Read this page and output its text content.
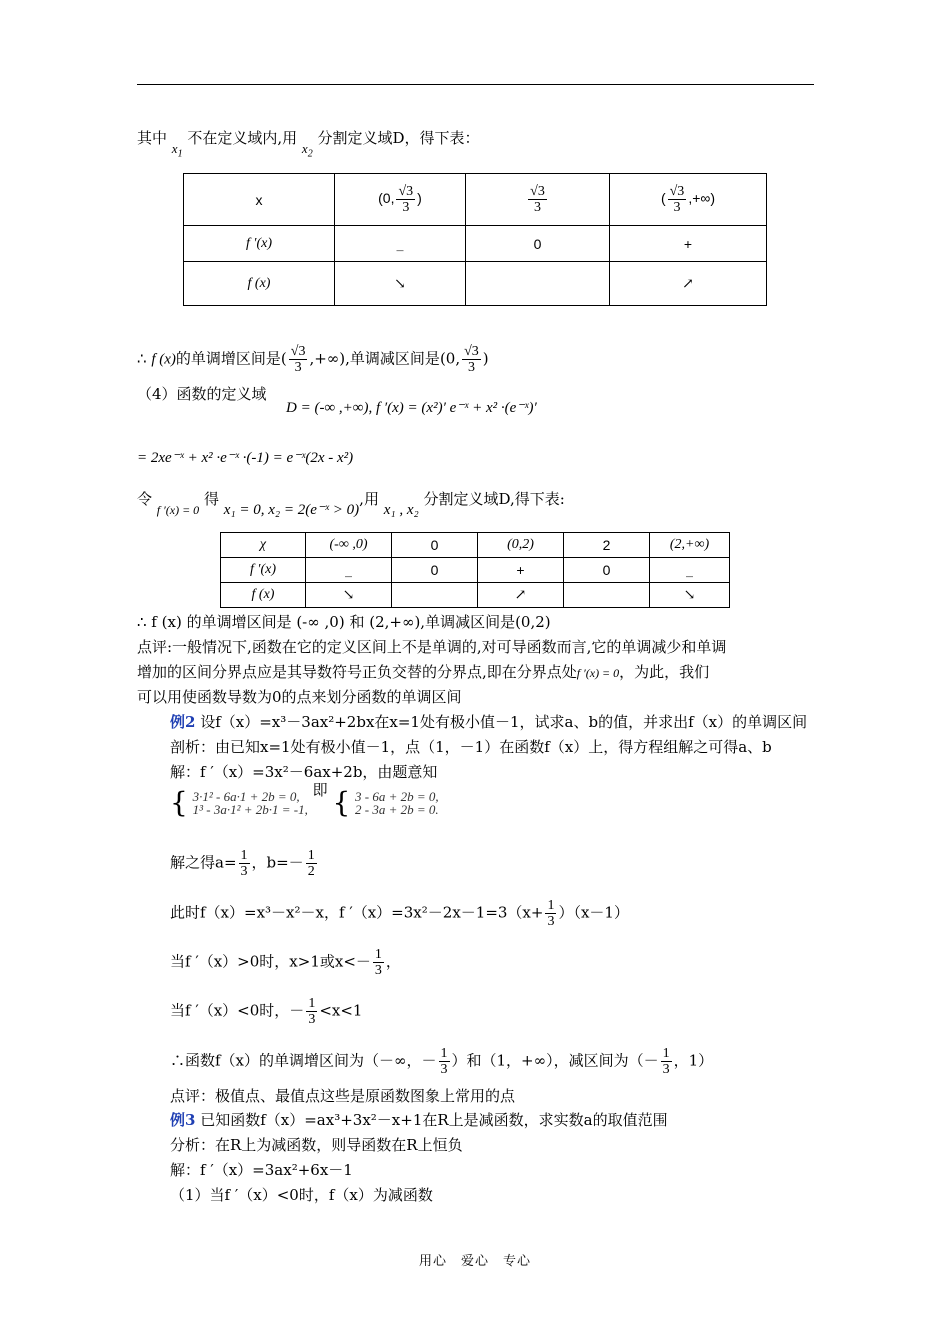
其中 $x_1$ 不在定义域内,用 $x_2$ 分割定义域D，得下表：
x	(0, $\frac{√3}{3}$ )	$\frac{√3}{3}$	( $\frac{√3}{3}$ ,+∞)
f ′(x)	_	0	+
f (x)	↘		↗
∴ f (x)的单调增区间是( $\frac{√3}{3}$ ,+∞),单调减区间是(0, $\frac{√3}{3}$ )
（4）函数的定义域
D = (-∞ ,+∞), f ′(x) = (x²)′ e⁻ˣ + x² ·(e⁻ˣ)′
= 2xe⁻ˣ + x² ·e⁻ˣ ·(-1) = e⁻ˣ(2x - x²)
令 $_{f '(x) = 0}$ 得 x₁ = 0, x₂ = 2(e⁻ˣ > 0),用 x₁ , x₂ 分割定义域D,得下表:
χ	(-∞ ,0)	0	(0,2)	2	(2,+∞)
f ′(x)	_	0	+	0	_
f (x)	↘		↗		↘
∴ f (x) 的单调增区间是 (-∞ ,0) 和 (2,+∞),单调减区间是(0,2)
点评:一般情况下,函数在它的定义区间上不是单调的,对可导函数而言,它的单调减少和单调
增加的区间分界点应是其导数符号正负交替的分界点,即在分界点处f ′(x) = 0，为此，我们
可以用使函数导数为0的点来划分函数的单调区间
例2 设f（x）=x³－3ax²+2bx在x=1处有极小值－1，试求a、b的值，并求出f（x）的单调区间
剖析：由已知x=1处有极小值－1，点（1，－1）在函数f（x）上，得方程组解之可得a、b
解：f ′（x）=3x²－6ax+2b，由题意知
{ 3·1² - 6a·1 + 2b = 0,
1³ - 3a·1² + 2b·1 = -1,
即 { 3 - 6a + 2b = 0,
2 - 3a + 2b = 0.
解之得$a= \frac{1}{3}$ ，$b=- \frac{1}{2}$
此时f（x）=x³－x²－x，f $'(x)=3x^2-2x-1=3(x+ \frac{1}{3} )(x-1)$
当f ′（x）>0时，x>1或$x<- \frac{1}{3}$ ，
当f ′（x）<0时，－ $\frac{1}{3} <x<1$
∴函数f（x）的单调增区间为（－∞，－ $\frac{1}{3}$ ）和（1，+∞），减区间为（－ $\frac{1}{3}$ ，1）
点评：极值点、最值点这些是原函数图象上常用的点
例3 已知函数f（x）=ax³+3x²－x+1在R上是减函数，求实数a的取值范围
分析：在R上为减函数，则导函数在R上恒负
解：f ′（x）=3ax²+6x－1
（1）当f ′（x）<0时，f（x）为减函数
用心　爱心　专心
